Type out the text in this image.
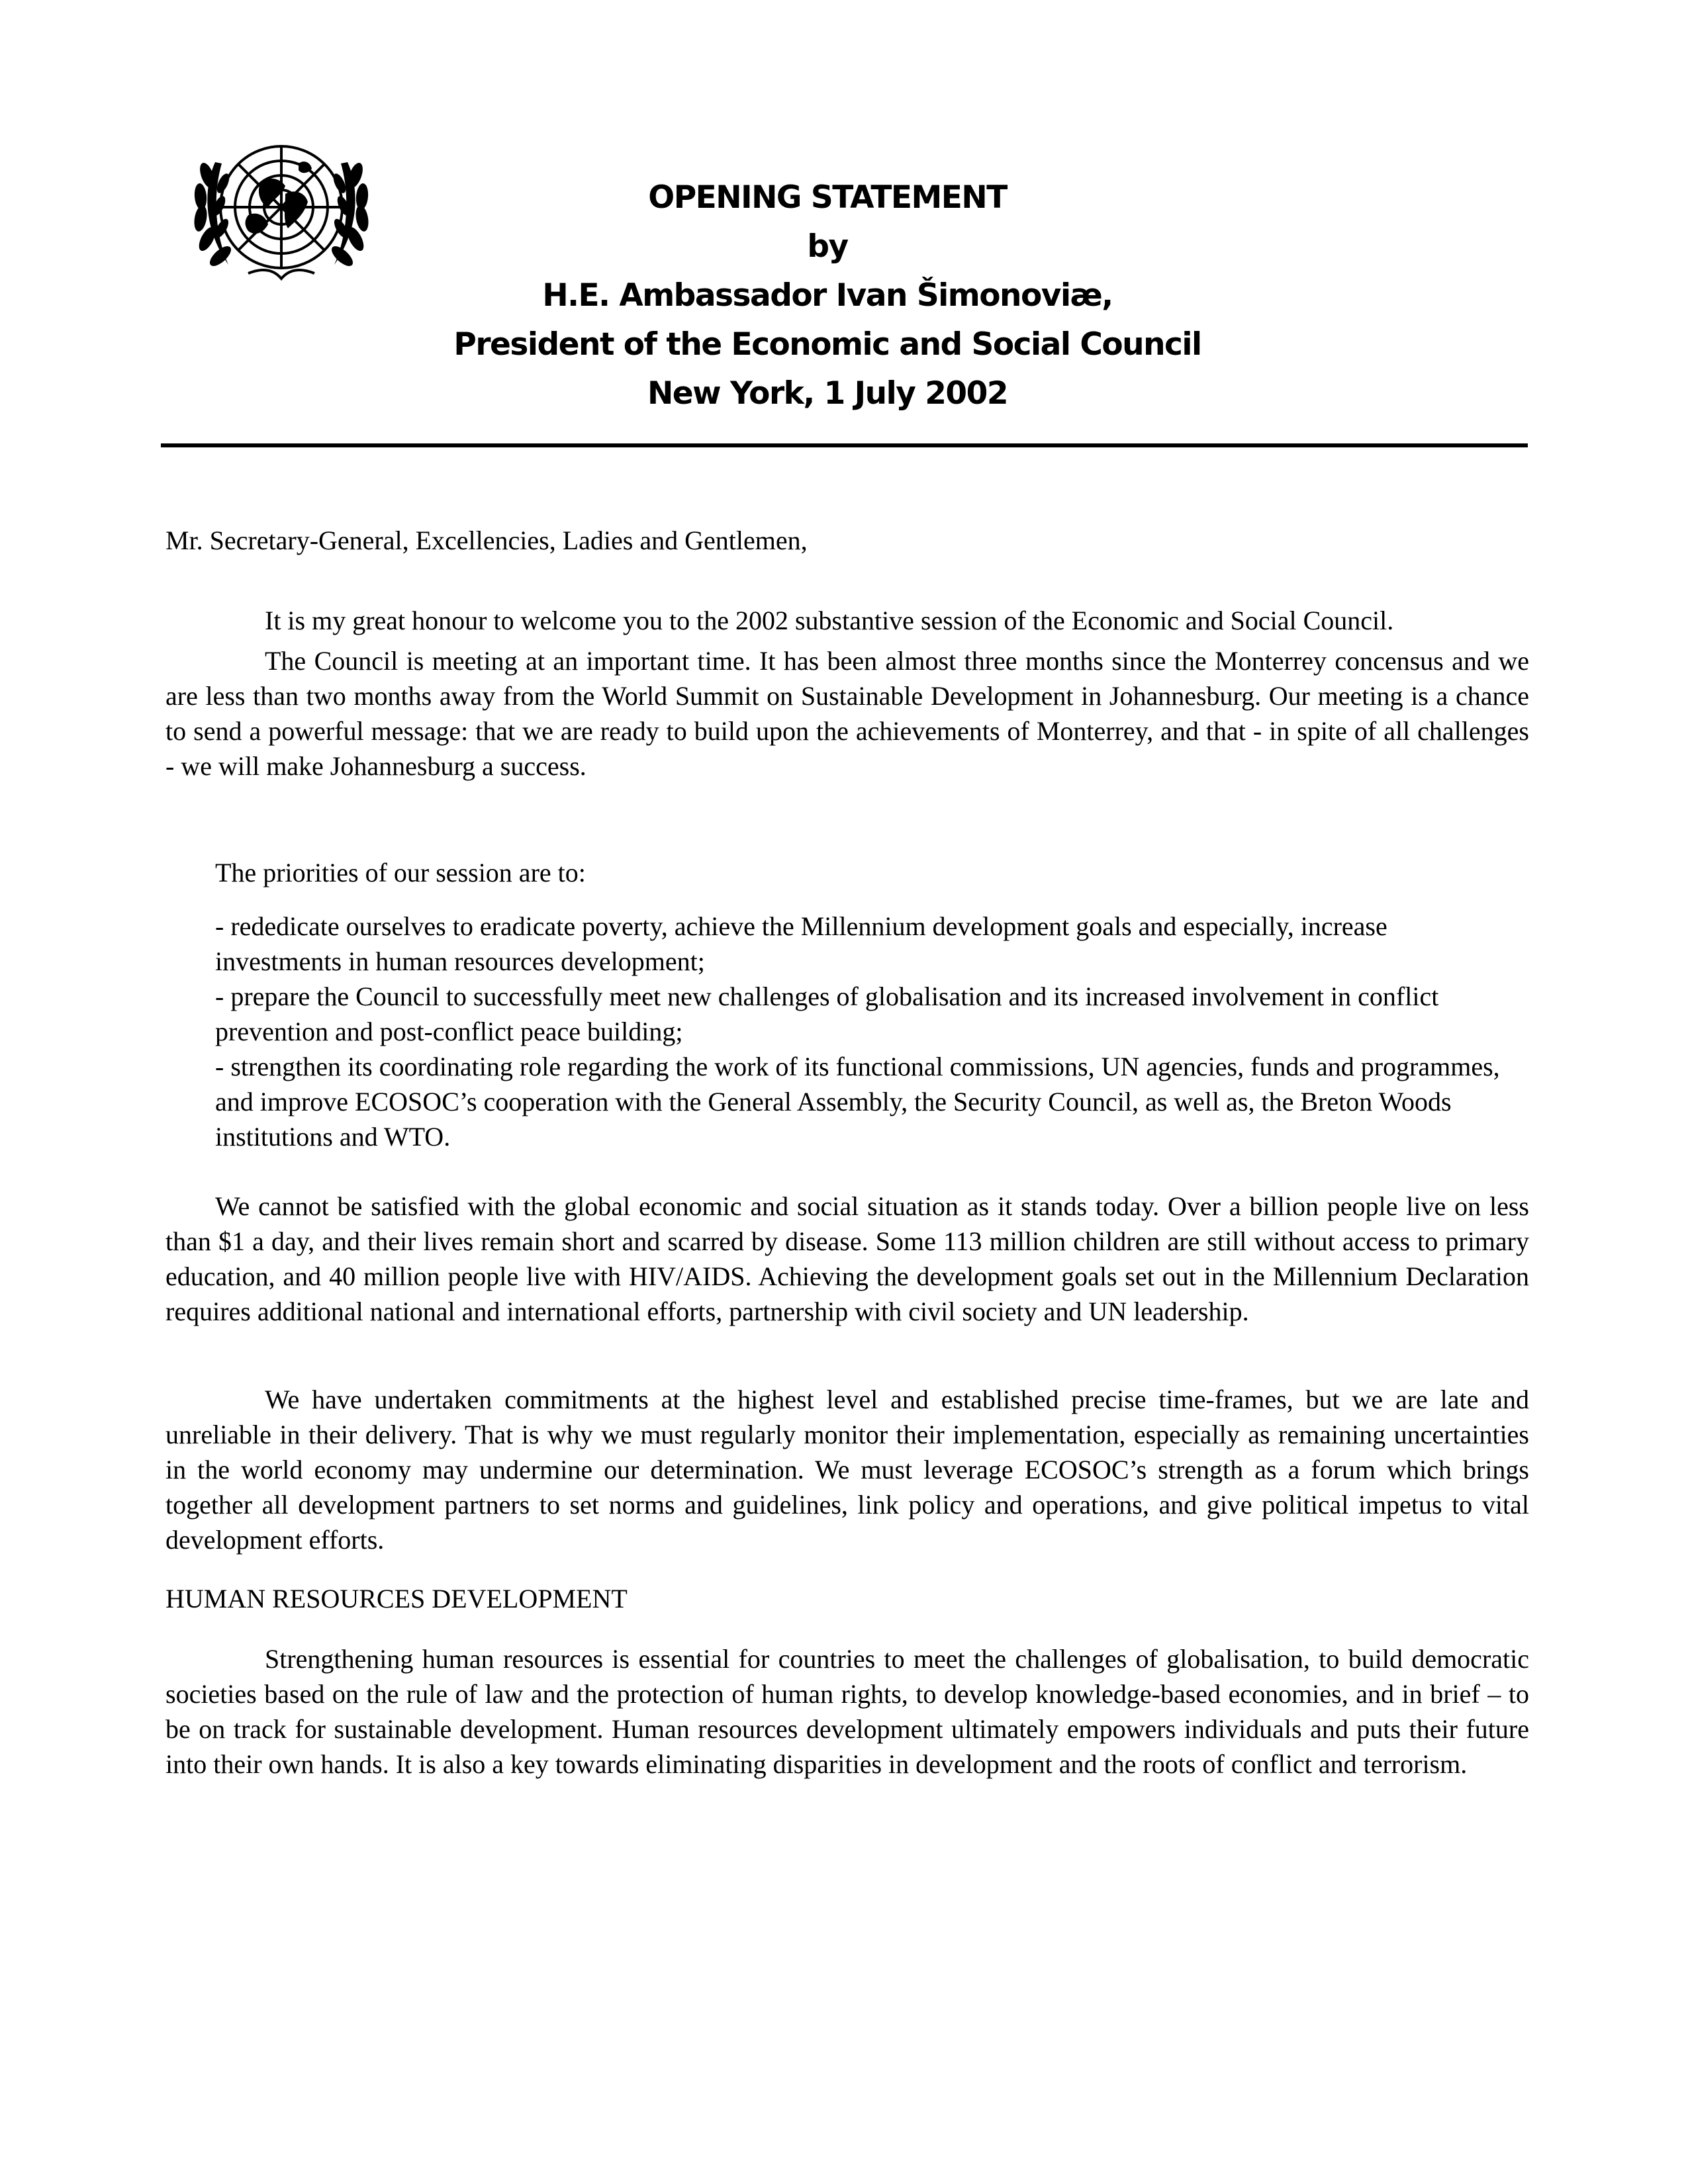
OPENING STATEMENT
by
H.E. Ambassador Ivan Šimonoviæ,
President of the Economic and Social Council
New York, 1 July 2002

Mr. Secretary-General, Excellencies, Ladies and Gentlemen,

It is my great honour to welcome you to the 2002 substantive session of the Economic and Social Council.

The Council is meeting at an important time. It has been almost three months since the Monterrey concensus and we are less than two months away from the World Summit on Sustainable Development in Johannesburg. Our meeting is a chance to send a powerful message: that we are ready to build upon the achievements of Monterrey, and that - in spite of all challenges - we will make Johannesburg a success.

The priorities of our session are to:

- rededicate ourselves to eradicate poverty, achieve the Millennium development goals and especially, increase investments in human resources development;
- prepare the Council to successfully meet new challenges of globalisation and its increased involvement in conflict prevention and post-conflict peace building;
- strengthen its coordinating role regarding the work of its functional commissions, UN agencies, funds and programmes, and improve ECOSOC’s cooperation with the General Assembly, the Security Council, as well as, the Breton Woods institutions and WTO.

We cannot be satisfied with the global economic and social situation as it stands today. Over a billion people live on less than $1 a day, and their lives remain short and scarred by disease. Some 113 million children are still without access to primary education, and 40 million people live with HIV/AIDS. Achieving the development goals set out in the Millennium Declaration requires additional national and international efforts, partnership with civil society and UN leadership.

We have undertaken commitments at the highest level and established precise time-frames, but we are late and unreliable in their delivery. That is why we must regularly monitor their implementation, especially as remaining uncertainties in the world economy may undermine our determination. We must leverage ECOSOC’s strength as a forum which brings together all development partners to set norms and guidelines, link policy and operations, and give political impetus to vital development efforts.

HUMAN RESOURCES DEVELOPMENT

Strengthening human resources is essential for countries to meet the challenges of globalisation, to build democratic societies based on the rule of law and the protection of human rights, to develop knowledge-based economies, and in brief – to be on track for sustainable development. Human resources development ultimately empowers individuals and puts their future into their own hands. It is also a key towards eliminating disparities in development and the roots of conflict and terrorism.
